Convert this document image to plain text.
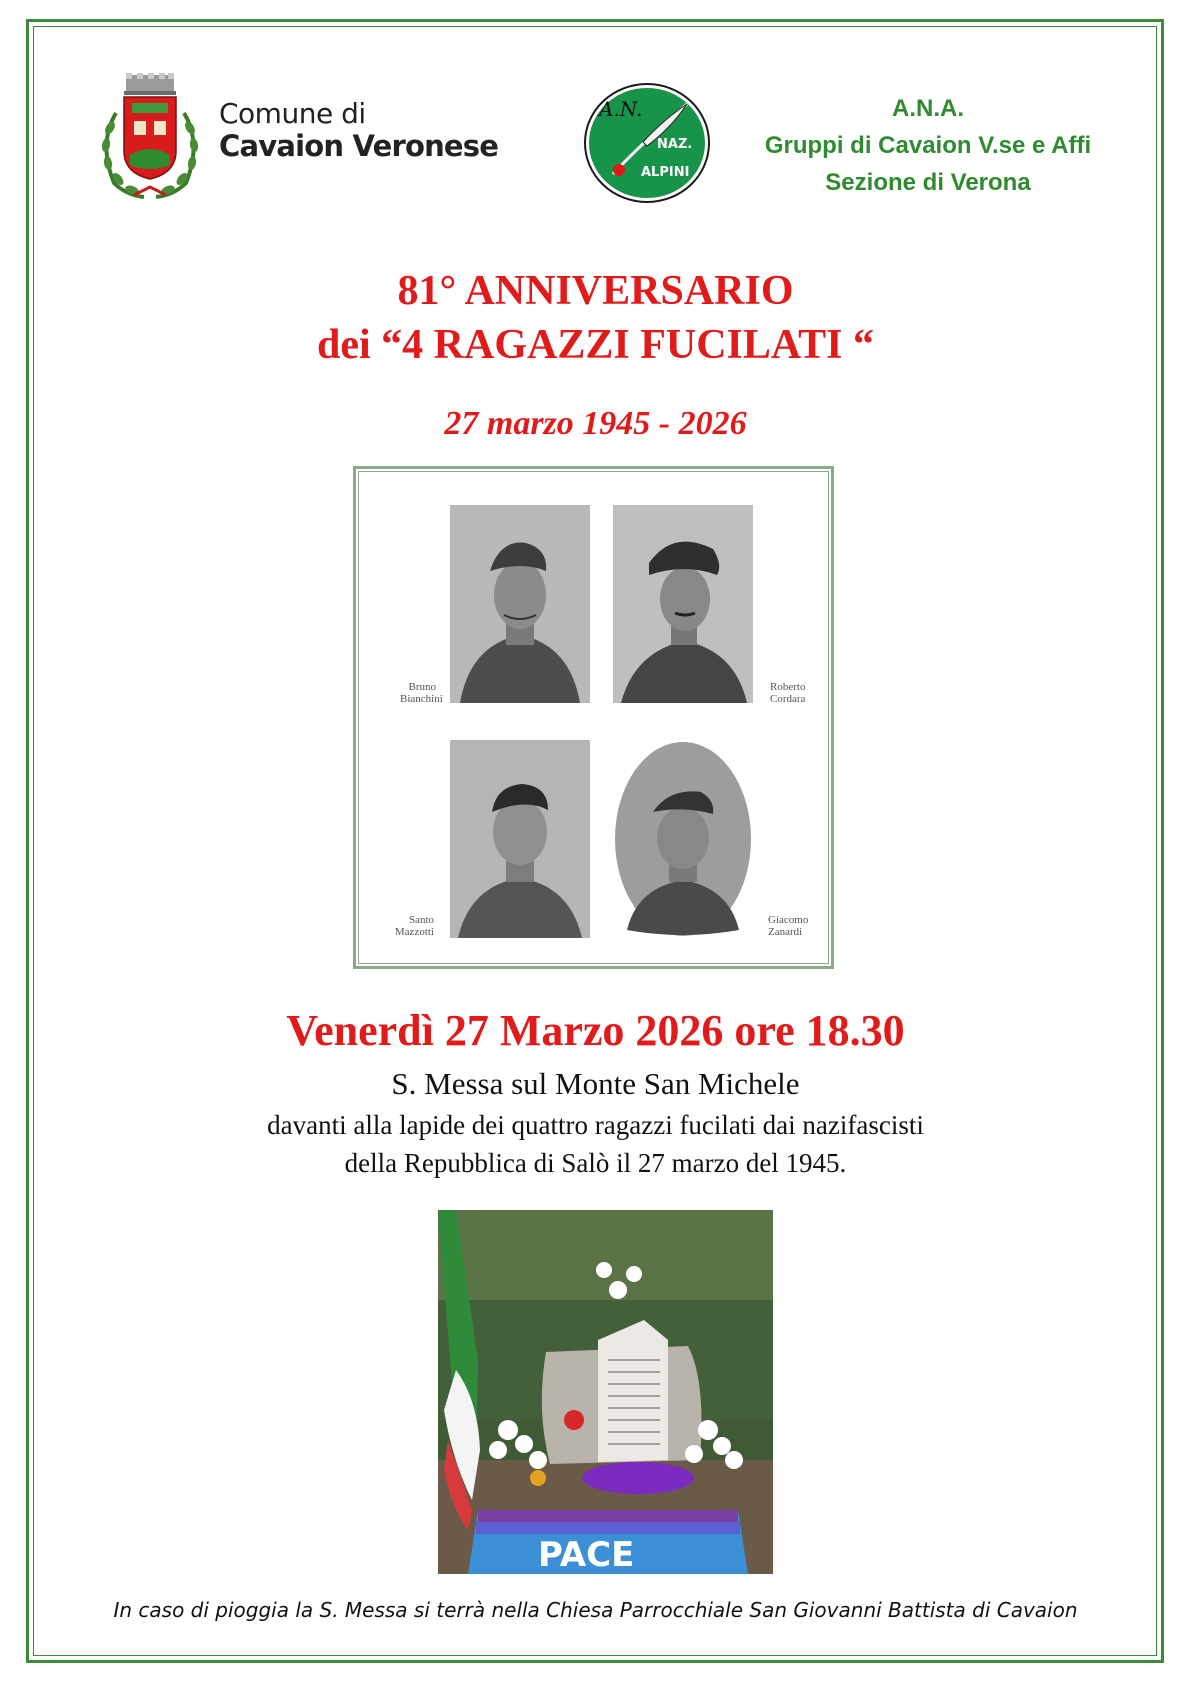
Comune di
Cavaion Veronese
A.N.
NAZ.
ALPINI
A.N.A.
Gruppi di Cavaion V.se e Affi
Sezione di Verona
81° ANNIVERSARIO
dei “4 RAGAZZI FUCILATI “
27 marzo 1945 - 2026
Bruno
Bianchini
Roberto
Cordara
Santo
Mazzotti
Giacomo
Zanardi
Venerdì 27 Marzo 2026 ore 18.30
S. Messa sul Monte San Michele
davanti alla lapide dei quattro ragazzi fucilati dai nazifascisti
della Repubblica di Salò il 27 marzo del 1945.
PACE
In caso di pioggia la S. Messa si terrà nella Chiesa Parrocchiale San Giovanni Battista di Cavaion
